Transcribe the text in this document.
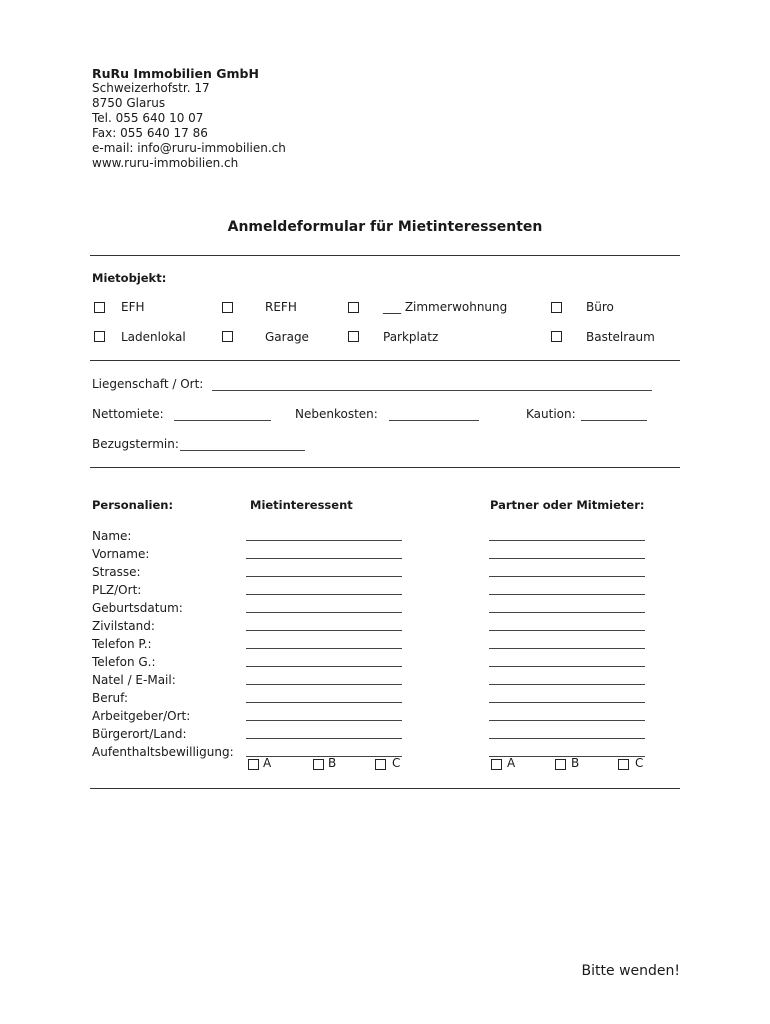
RuRu Immobilien GmbH
Schweizerhofstr. 17
8750 Glarus
Tel. 055 640 10 07
Fax: 055 640 17 86
e-mail: info@ruru-immobilien.ch
www.ruru-immobilien.ch
Anmeldeformular für Mietinteressenten
Mietobjekt:
EFH	REFH	___ Zimmerwohnung	Büro
Ladenlokal	Garage	Parkplatz	Bastelraum
Liegenschaft / Ort:
Nettomiete:	Nebenkosten:	Kaution:
Bezugstermin:
Personalien:	Mietinteressent	Partner oder Mitmieter:
Name:
Vorname:
Strasse:
PLZ/Ort:
Geburtsdatum:
Zivilstand:
Telefon P.:
Telefon G.:
Natel / E-Mail:
Beruf:
Arbeitgeber/Ort:
Bürgerort/Land:
Aufenthaltsbewilligung:
A	B	C	A	B	C
Bitte wenden!
